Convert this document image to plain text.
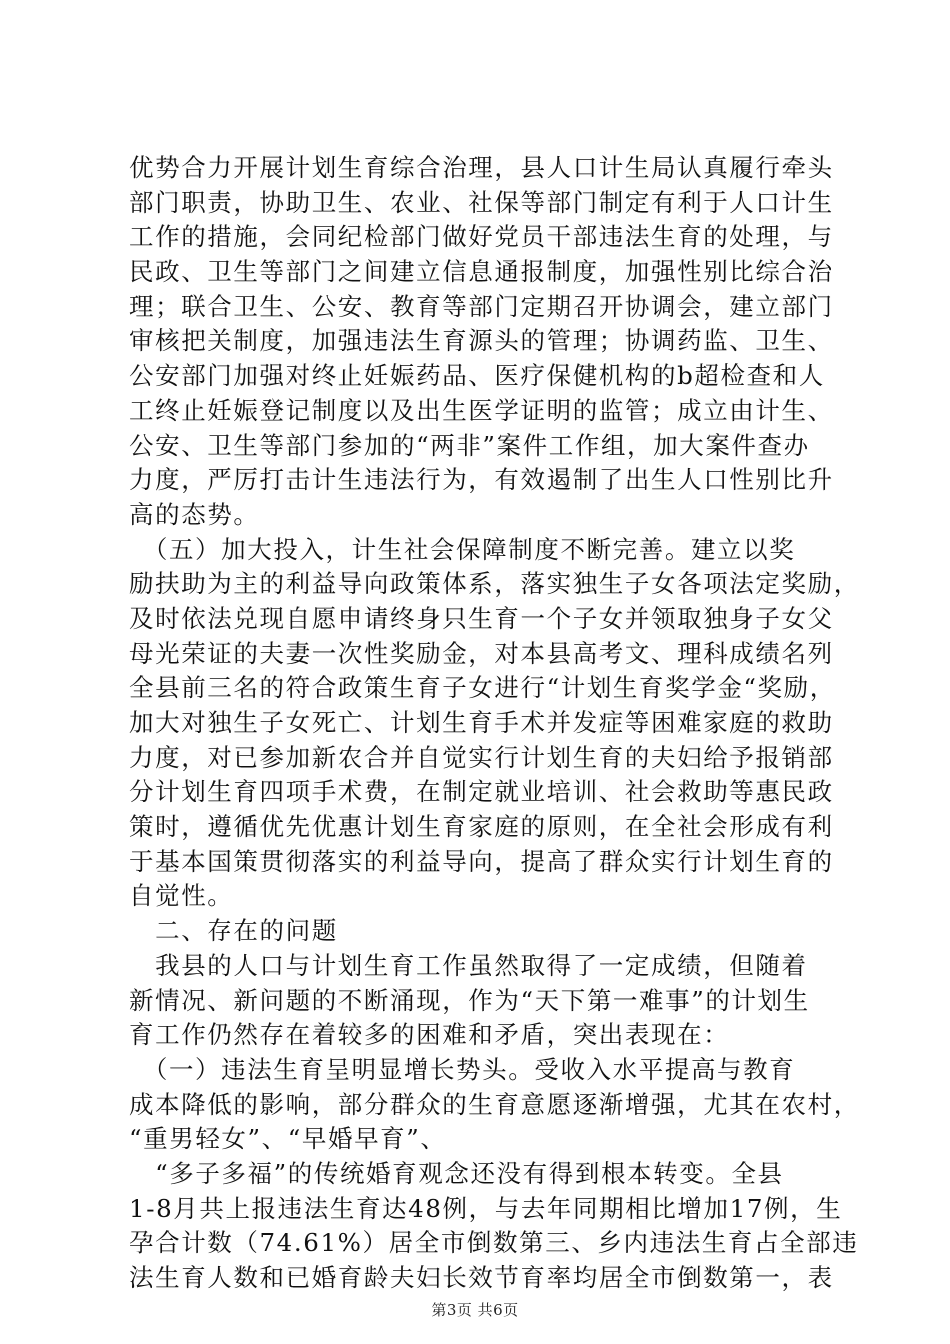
优势合力开展计划生育综合治理，县人口计生局认真履行牵头
部门职责，协助卫生、农业、社保等部门制定有利于人口计生
工作的措施，会同纪检部门做好党员干部违法生育的处理，与
民政、卫生等部门之间建立信息通报制度，加强性别比综合治
理；联合卫生、公安、教育等部门定期召开协调会，建立部门
审核把关制度，加强违法生育源头的管理；协调药监、卫生、
公安部门加强对终止妊娠药品、医疗保健机构的b超检查和人
工终止妊娠登记制度以及出生医学证明的监管；成立由计生、
公安、卫生等部门参加的“两非”案件工作组，加大案件查办
力度，严厉打击计生违法行为，有效遏制了出生人口性别比升
高的态势。
　（五）加大投入，计生社会保障制度不断完善。建立以奖
励扶助为主的利益导向政策体系，落实独生子女各项法定奖励，
及时依法兑现自愿申请终身只生育一个子女并领取独身子女父
母光荣证的夫妻一次性奖励金，对本县高考文、理科成绩名列
全县前三名的符合政策生育子女进行“计划生育奖学金“奖励，
加大对独生子女死亡、计划生育手术并发症等困难家庭的救助
力度，对已参加新农合并自觉实行计划生育的夫妇给予报销部
分计划生育四项手术费，在制定就业培训、社会救助等惠民政
策时，遵循优先优惠计划生育家庭的原则，在全社会形成有利
于基本国策贯彻落实的利益导向，提高了群众实行计划生育的
自觉性。
　二、存在的问题
　我县的人口与计划生育工作虽然取得了一定成绩，但随着
新情况、新问题的不断涌现，作为“天下第一难事”的计划生
育工作仍然存在着较多的困难和矛盾，突出表现在：
　（一）违法生育呈明显增长势头。受收入水平提高与教育
成本降低的影响，部分群众的生育意愿逐渐增强，尤其在农村，
“重男轻女”、“早婚早育”、
　“多子多福”的传统婚育观念还没有得到根本转变。全县
1-8月共上报违法生育达48例，与去年同期相比增加17例，生
孕合计数（74.61%）居全市倒数第三、乡内违法生育占全部违
法生育人数和已婚育龄夫妇长效节育率均居全市倒数第一，表
第3页 共6页
